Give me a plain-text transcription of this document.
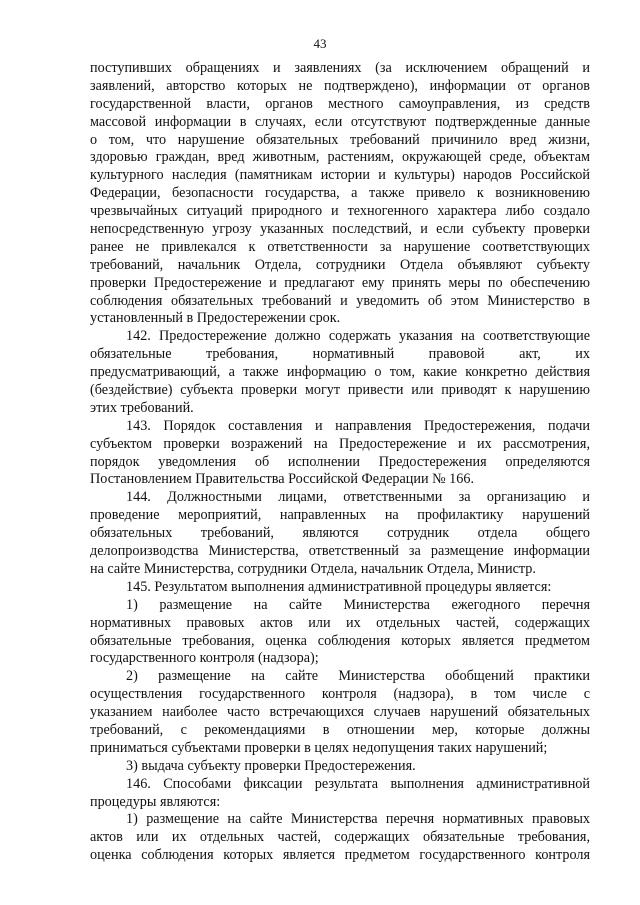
43
поступивших обращениях и заявлениях (за исключением обращений и
заявлений, авторство которых не подтверждено), информации от органов
государственной власти, органов местного самоуправления, из средств
массовой информации в случаях, если отсутствуют подтвержденные данные
о том, что нарушение обязательных требований причинило вред жизни,
здоровью граждан, вред животным, растениям, окружающей среде, объектам
культурного наследия (памятникам истории и культуры) народов Российской
Федерации, безопасности государства, а также привело к возникновению
чрезвычайных ситуаций природного и техногенного характера либо создало
непосредственную угрозу указанных последствий, и если субъекту проверки
ранее не привлекался к ответственности за нарушение соответствующих
требований, начальник Отдела, сотрудники Отдела объявляют субъекту
проверки Предостережение и предлагают ему принять меры по обеспечению
соблюдения обязательных требований и уведомить об этом Министерство в
установленный в Предостережении срок.
142. Предостережение должно содержать указания на соответствующие
обязательные требования, нормативный правовой акт, их
предусматривающий, а также информацию о том, какие конкретно действия
(бездействие) субъекта проверки могут привести или приводят к нарушению
этих требований.
143. Порядок составления и направления Предостережения, подачи
субъектом проверки возражений на Предостережение и их рассмотрения,
порядок уведомления об исполнении Предостережения определяются
Постановлением Правительства Российской Федерации № 166.
144. Должностными лицами, ответственными за организацию и
проведение мероприятий, направленных на профилактику нарушений
обязательных требований, являются сотрудник отдела общего
делопроизводства Министерства, ответственный за размещение информации
на сайте Министерства, сотрудники Отдела, начальник Отдела, Министр.
145. Результатом выполнения административной процедуры является:
1) размещение на сайте Министерства ежегодного перечня
нормативных правовых актов или их отдельных частей, содержащих
обязательные требования, оценка соблюдения которых является предметом
государственного контроля (надзора);
2) размещение на сайте Министерства обобщений практики
осуществления государственного контроля (надзора), в том числе с
указанием наиболее часто встречающихся случаев нарушений обязательных
требований, с рекомендациями в отношении мер, которые должны
приниматься субъектами проверки в целях недопущения таких нарушений;
3) выдача субъекту проверки Предостережения.
146. Способами фиксации результата выполнения административной
процедуры являются:
1) размещение на сайте Министерства перечня нормативных правовых
актов или их отдельных частей, содержащих обязательные требования,
оценка соблюдения которых является предметом государственного контроля
